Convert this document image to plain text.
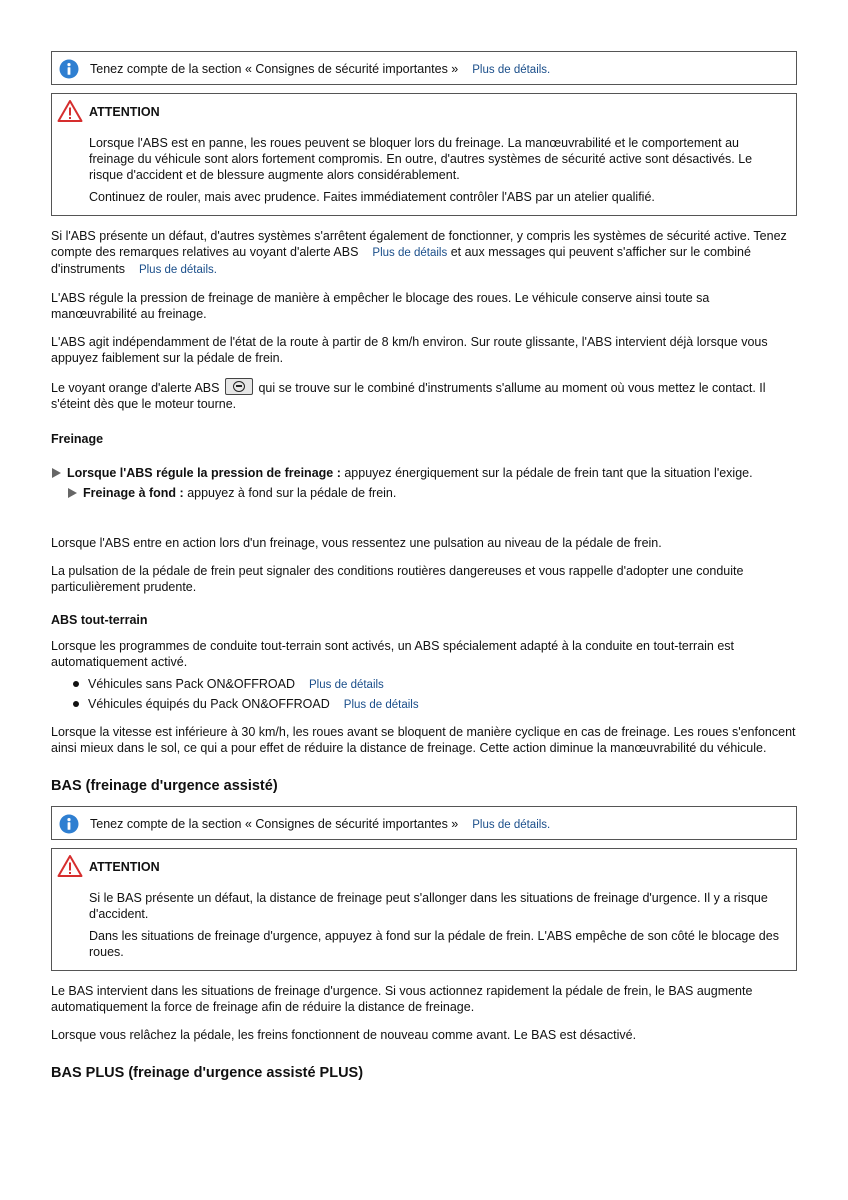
Tenez compte de la section « Consignes de sécurité importantes » Plus de détails.
ATTENTION

Lorsque l'ABS est en panne, les roues peuvent se bloquer lors du freinage. La manœuvrabilité et le comportement au freinage du véhicule sont alors fortement compromis. En outre, d'autres systèmes de sécurité active sont désactivés. Le risque d'accident et de blessure augmente alors considérablement.

Continuez de rouler, mais avec prudence. Faites immédiatement contrôler l'ABS par un atelier qualifié.

Si l'ABS présente un défaut, d'autres systèmes s'arrêtent également de fonctionner, y compris les systèmes de sécurité active. Tenez compte des remarques relatives au voyant d'alerte ABS Plus de détails et aux messages qui peuvent s'afficher sur le combiné d'instruments Plus de détails.

L'ABS régule la pression de freinage de manière à empêcher le blocage des roues. Le véhicule conserve ainsi toute sa manœuvrabilité au freinage.

L'ABS agit indépendamment de l'état de la route à partir de 8 km/h environ. Sur route glissante, l'ABS intervient déjà lorsque vous appuyez faiblement sur la pédale de frein.

Le voyant orange d'alerte ABS	qui se trouve sur le combiné d'instruments s'allume au moment où vous mettez le contact. Il s'éteint dès que le moteur tourne.

Freinage
Lorsque l'ABS régule la pression de freinage : appuyez énergiquement sur la pédale de frein tant que la situation l'exige.
Freinage à fond : appuyez à fond sur la pédale de frein.

Lorsque l'ABS entre en action lors d'un freinage, vous ressentez une pulsation au niveau de la pédale de frein.

La pulsation de la pédale de frein peut signaler des conditions routières dangereuses et vous rappelle d'adopter une conduite particulièrement prudente.

ABS tout-terrain

Lorsque les programmes de conduite tout-terrain sont activés, un ABS spécialement adapté à la conduite en tout-terrain est automatiquement activé.

Véhicules sans Pack ON&OFFROAD Plus de détails
Véhicules équipés du Pack ON&OFFROAD Plus de détails

Lorsque la vitesse est inférieure à 30 km/h, les roues avant se bloquent de manière cyclique en cas de freinage. Les roues s'enfoncent ainsi mieux dans le sol, ce qui a pour effet de réduire la distance de freinage. Cette action diminue la manœuvrabilité du véhicule.

BAS (freinage d'urgence assisté)
Tenez compte de la section « Consignes de sécurité importantes » Plus de détails.
ATTENTION

Si le BAS présente un défaut, la distance de freinage peut s'allonger dans les situations de freinage d'urgence. Il y a risque d'accident.

Dans les situations de freinage d'urgence, appuyez à fond sur la pédale de frein. L'ABS empêche de son côté le blocage des roues.

Le BAS intervient dans les situations de freinage d'urgence. Si vous actionnez rapidement la pédale de frein, le BAS augmente automatiquement la force de freinage afin de réduire la distance de freinage.

Lorsque vous relâchez la pédale, les freins fonctionnent de nouveau comme avant. Le BAS est désactivé.

BAS PLUS (freinage d'urgence assisté PLUS)
